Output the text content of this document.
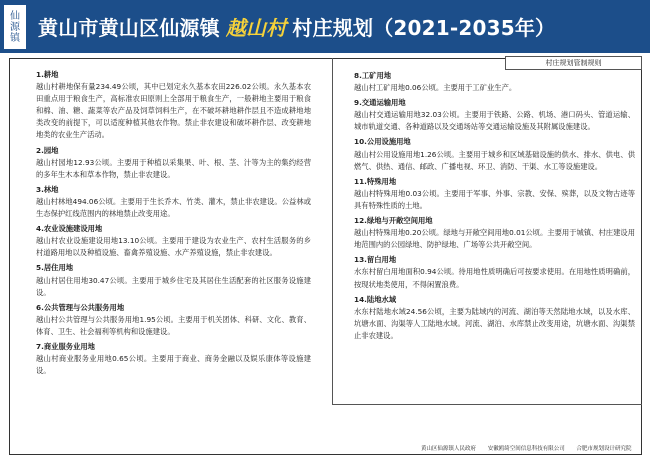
仙
源
镇 黄山市黄山区仙源镇 越山村 村庄规划（2021-2035年）
村庄规划管制规则
1.耕地

越山村耕地保有量234.49公顷，其中已划定永久基本农田226.02公顷。永久基本农田重点用于粮食生产，高标准农田原则上全部用于粮食生产，一般耕地主要用于粮食和棉、油、糖、蔬菜等农产品及饲草饲料生产，在不破坏耕地耕作层且不造成耕地地类改变的前提下，可以适度种植其他农作物。禁止非农建设和破坏耕作层、改变耕地地类的农业生产活动。

2.园地

越山村园地12.93公顷。主要用于种植以采集果、叶、根、茎、汁等为主的集约经营的多年生木本和草本作物，禁止非农建设。

3.林地

越山村林地494.06公顷。主要用于生长乔木、竹类、灌木，禁止非农建设。公益林或生态保护红线范围内的林地禁止改变用途。

4.农业设施建设用地

越山村农业设施建设用地13.10公顷。主要用于建设为农业生产、农村生活服务的乡村道路用地以及种植设施、畜禽养殖设施、水产养殖设施，禁止非农建设。

5.居住用地

越山村居住用地30.47公顷。主要用于城乡住宅及其居住生活配套的社区服务设施建设。

6.公共管理与公共服务用地

越山村公共管理与公共服务用地1.95公顷。主要用于机关团体、科研、文化、教育、体育、卫生、社会福利等机构和设施建设。

7.商业服务业用地

越山村商业服务业用地0.65公顷。主要用于商业、商务金融以及娱乐康体等设施建设。

8.工矿用地

越山村工矿用地0.06公顷。主要用于工矿业生产。

9.交通运输用地

越山村交通运输用地32.03公顷。主要用于铁路、公路、机场、港口码头、管道运输、城市轨道交通、各种道路以及交通场站等交通运输设施及其附属设施建设。

10.公用设施用地

越山村公用设施用地1.26公顷。主要用于城乡和区域基础设施的供水、排水、供电、供燃气、供热、通信、邮政、广播电视、环卫、消防、干渠、水工等设施建设。

11.特殊用地

越山村特殊用地0.03公顷。主要用于军事、外事、宗教、安保、殡葬，以及文物古迹等具有特殊性质的土地。

12.绿地与开敞空间用地

越山村特殊用地0.20公顷。绿地与开敞空间用地0.01公顷。主要用于城镇、村庄建设用地范围内的公园绿地、防护绿地、广场等公共开敞空间。

13.留白用地

水东村留白用地面积0.94公顷。待用地性质明确后可按要求使用。在用地性质明确前，按现状地类使用，不得闲置浪费。

14.陆地水域

水东村陆地水域24.56公顷，主要为陆域内的河流、湖泊等天然陆地水域，以及水库、坑塘水面、沟渠等人工陆地水域。河流、湖泊、水库禁止改变用途，坑塘水面、沟渠禁止非农建设。

黄山区仙源镇人民政府 安徽鸥绮空间信息科技有限公司 合肥市规划设计研究院
